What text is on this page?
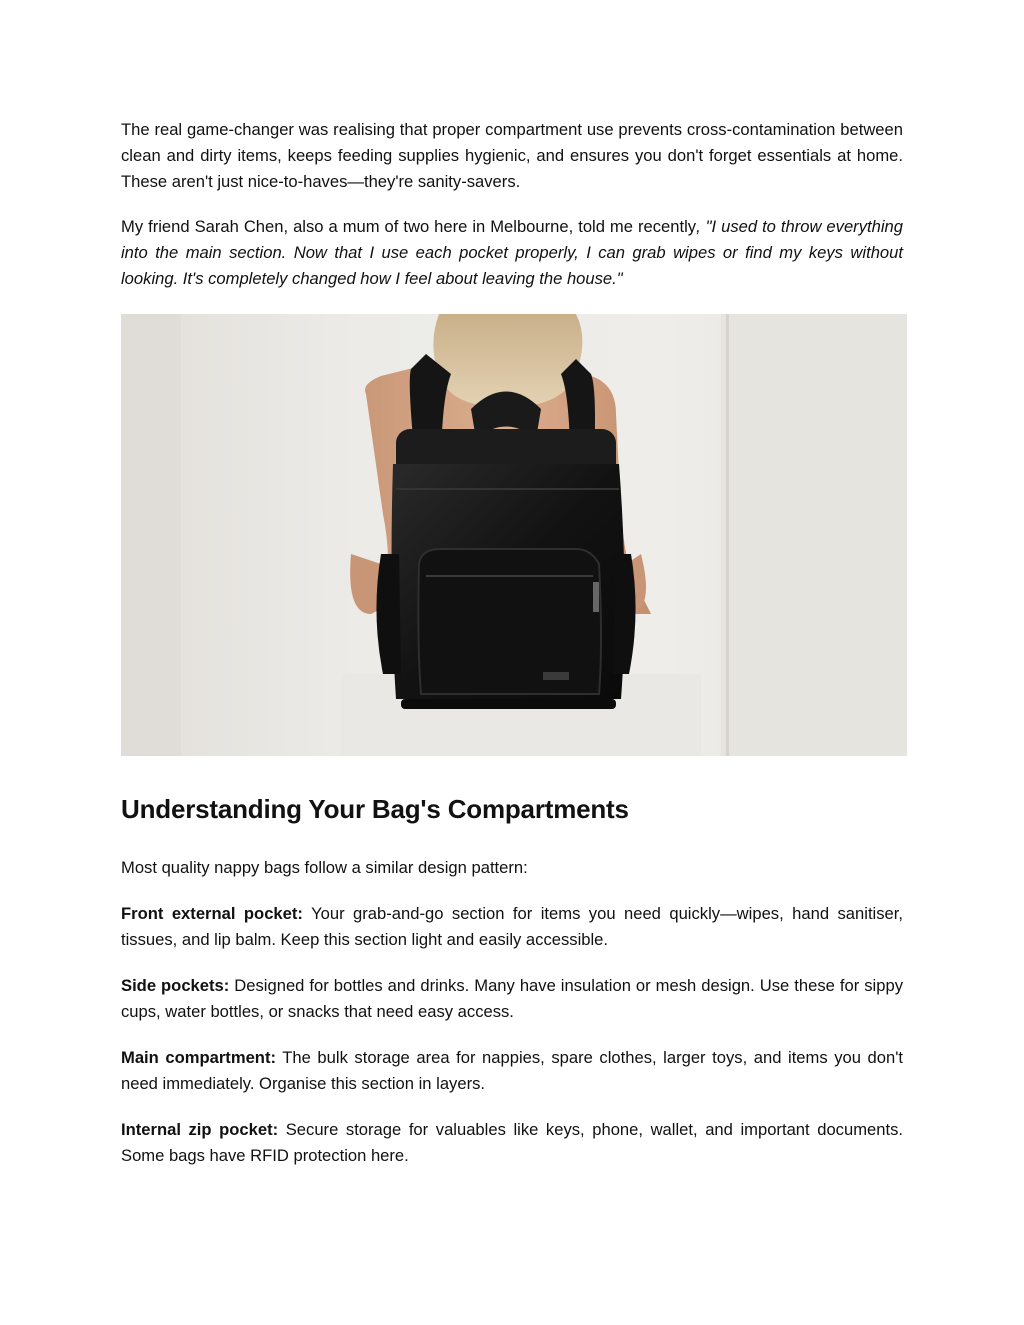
The real game-changer was realising that proper compartment use prevents cross-contamination between clean and dirty items, keeps feeding supplies hygienic, and ensures you don't forget essentials at home. These aren't just nice-to-haves—they're sanity-savers.

My friend Sarah Chen, also a mum of two here in Melbourne, told me recently, "I used to throw everything into the main section. Now that I use each pocket properly, I can grab wipes or find my keys without looking. It's completely changed how I feel about leaving the house."

Understanding Your Bag's Compartments

Most quality nappy bags follow a similar design pattern:

Front external pocket: Your grab-and-go section for items you need quickly—wipes, hand sanitiser, tissues, and lip balm. Keep this section light and easily accessible.

Side pockets: Designed for bottles and drinks. Many have insulation or mesh design. Use these for sippy cups, water bottles, or snacks that need easy access.

Main compartment: The bulk storage area for nappies, spare clothes, larger toys, and items you don't need immediately. Organise this section in layers.

Internal zip pocket: Secure storage for valuables like keys, phone, wallet, and important documents. Some bags have RFID protection here.
